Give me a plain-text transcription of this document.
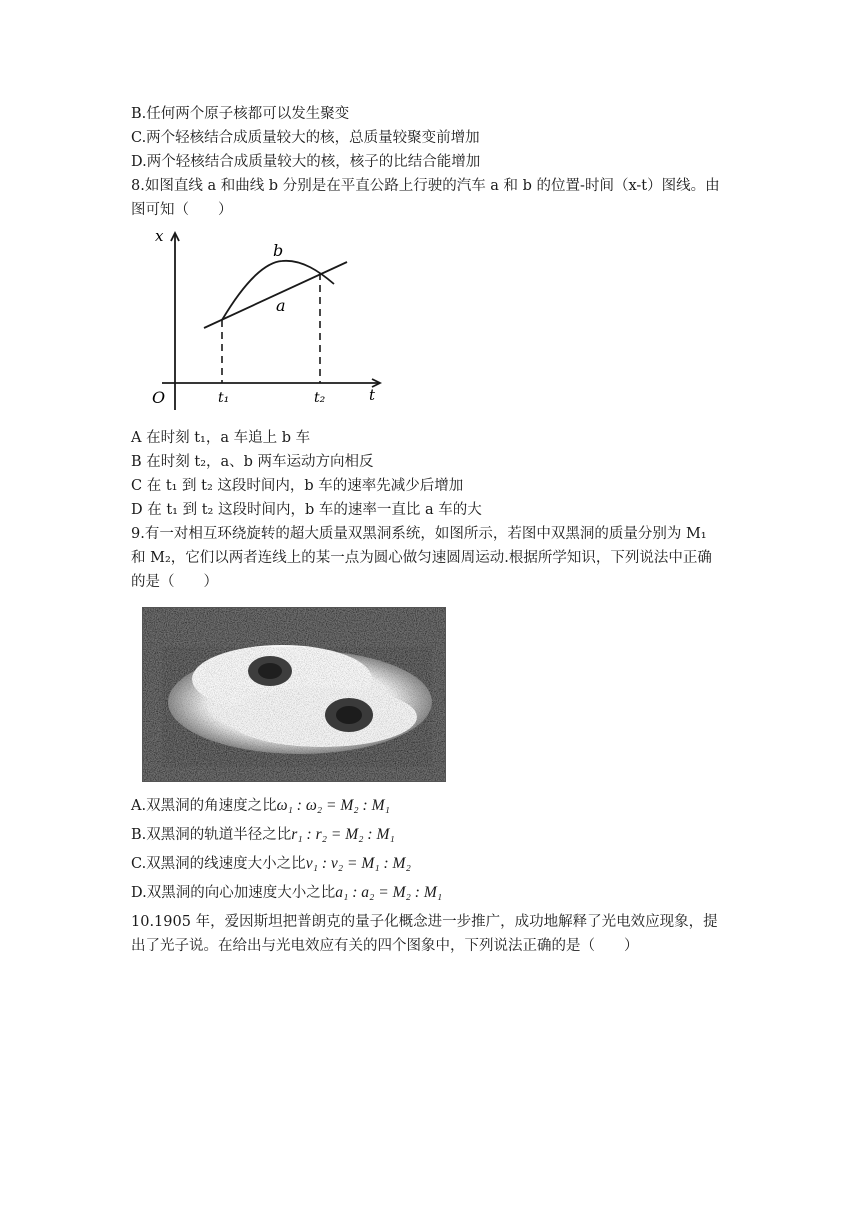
B.任何两个原子核都可以发生聚变
C.两个轻核结合成质量较大的核，总质量较聚变前增加
D.两个轻核结合成质量较大的核，核子的比结合能增加
8.如图直线 a 和曲线 b 分别是在平直公路上行驶的汽车 a 和 b 的位置-时间（x-t）图线。由
图可知（　　）
x
t
O	t₁	t₂
a
b
A 在时刻 t₁，a 车追上 b 车
B 在时刻 t₂，a、b 两车运动方向相反
C 在 t₁ 到 t₂ 这段时间内，b 车的速率先减少后增加
D 在 t₁ 到 t₂ 这段时间内，b 车的速率一直比 a 车的大
9.有一对相互环绕旋转的超大质量双黑洞系统，如图所示，若图中双黑洞的质量分别为 M₁
和 M₂，它们以两者连线上的某一点为圆心做匀速圆周运动.根据所学知识，下列说法中正确
的是（　　）
A.双黑洞的角速度之比ω₁ : ω₂ = M₂ : M₁
B.双黑洞的轨道半径之比r₁ : r₂ = M₂ : M₁
C.双黑洞的线速度大小之比v₁ : v₂ = M₁ : M₂
D.双黑洞的向心加速度大小之比a₁ : a₂ = M₂ : M₁
10.1905 年，爱因斯坦把普朗克的量子化概念进一步推广，成功地解释了光电效应现象，提
出了光子说。在给出与光电效应有关的四个图象中，下列说法正确的是（　　）
